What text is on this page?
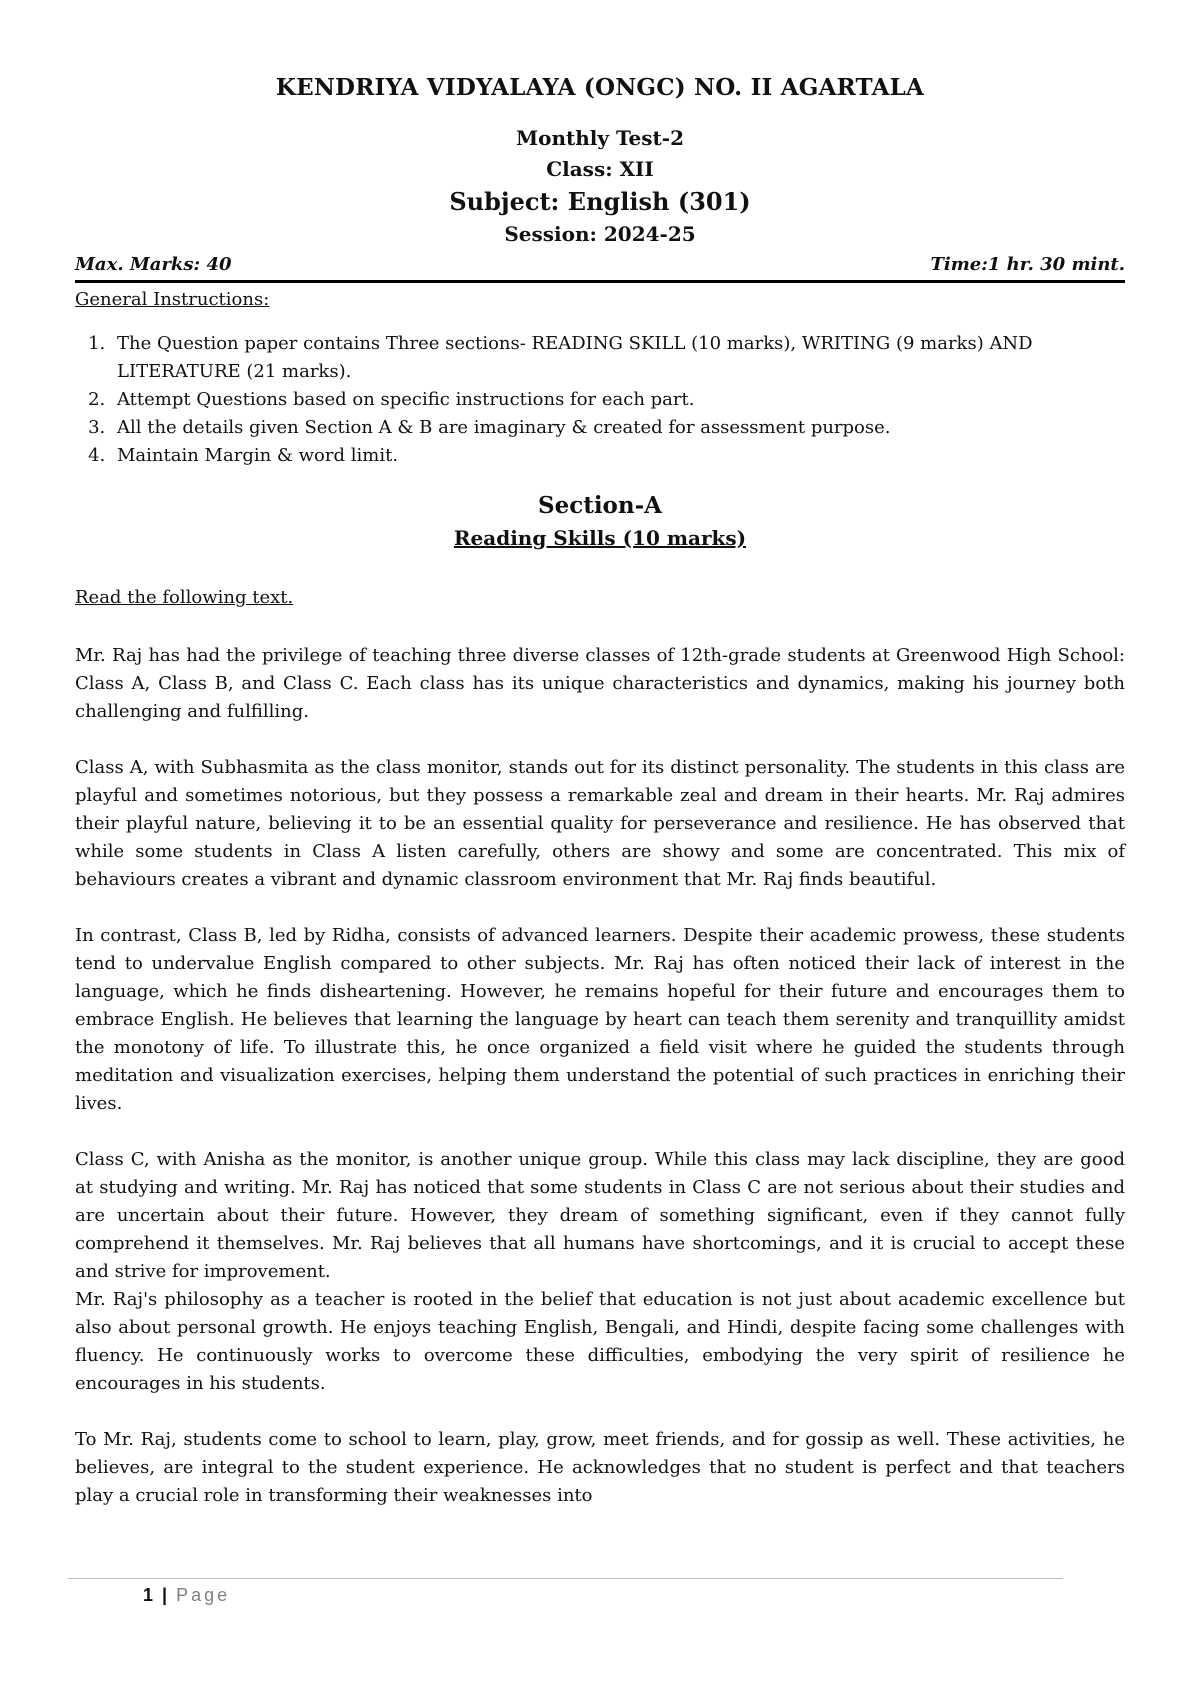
KENDRIYA VIDYALAYA (ONGC) NO. II AGARTALA
Monthly Test-2
Class: XII
Subject: English (301)
Session: 2024-25
Max. Marks: 40	Time:1 hr. 30 mint.
General Instructions:
1. The Question paper contains Three sections- READING SKILL (10 marks), WRITING (9 marks) AND LITERATURE (21 marks).
2. Attempt Questions based on specific instructions for each part.
3. All the details given Section A & B are imaginary & created for assessment purpose.
4. Maintain Margin & word limit.
Section-A
Reading Skills (10 marks)
Read the following text.

Mr. Raj has had the privilege of teaching three diverse classes of 12th-grade students at Greenwood High School: Class A, Class B, and Class C. Each class has its unique characteristics and dynamics, making his journey both challenging and fulfilling.

Class A, with Subhasmita as the class monitor, stands out for its distinct personality. The students in this class are playful and sometimes notorious, but they possess a remarkable zeal and dream in their hearts. Mr. Raj admires their playful nature, believing it to be an essential quality for perseverance and resilience. He has observed that while some students in Class A listen carefully, others are showy and some are concentrated. This mix of behaviours creates a vibrant and dynamic classroom environment that Mr. Raj finds beautiful.

In contrast, Class B, led by Ridha, consists of advanced learners. Despite their academic prowess, these students tend to undervalue English compared to other subjects. Mr. Raj has often noticed their lack of interest in the language, which he finds disheartening. However, he remains hopeful for their future and encourages them to embrace English. He believes that learning the language by heart can teach them serenity and tranquillity amidst the monotony of life. To illustrate this, he once organized a field visit where he guided the students through meditation and visualization exercises, helping them understand the potential of such practices in enriching their lives.

Class C, with Anisha as the monitor, is another unique group. While this class may lack discipline, they are good at studying and writing. Mr. Raj has noticed that some students in Class C are not serious about their studies and are uncertain about their future. However, they dream of something significant, even if they cannot fully comprehend it themselves. Mr. Raj believes that all humans have shortcomings, and it is crucial to accept these and strive for improvement.

Mr. Raj's philosophy as a teacher is rooted in the belief that education is not just about academic excellence but also about personal growth. He enjoys teaching English, Bengali, and Hindi, despite facing some challenges with fluency. He continuously works to overcome these difficulties, embodying the very spirit of resilience he encourages in his students.

To Mr. Raj, students come to school to learn, play, grow, meet friends, and for gossip as well. These activities, he believes, are integral to the student experience. He acknowledges that no student is perfect and that teachers play a crucial role in transforming their weaknesses into

1 | Page
